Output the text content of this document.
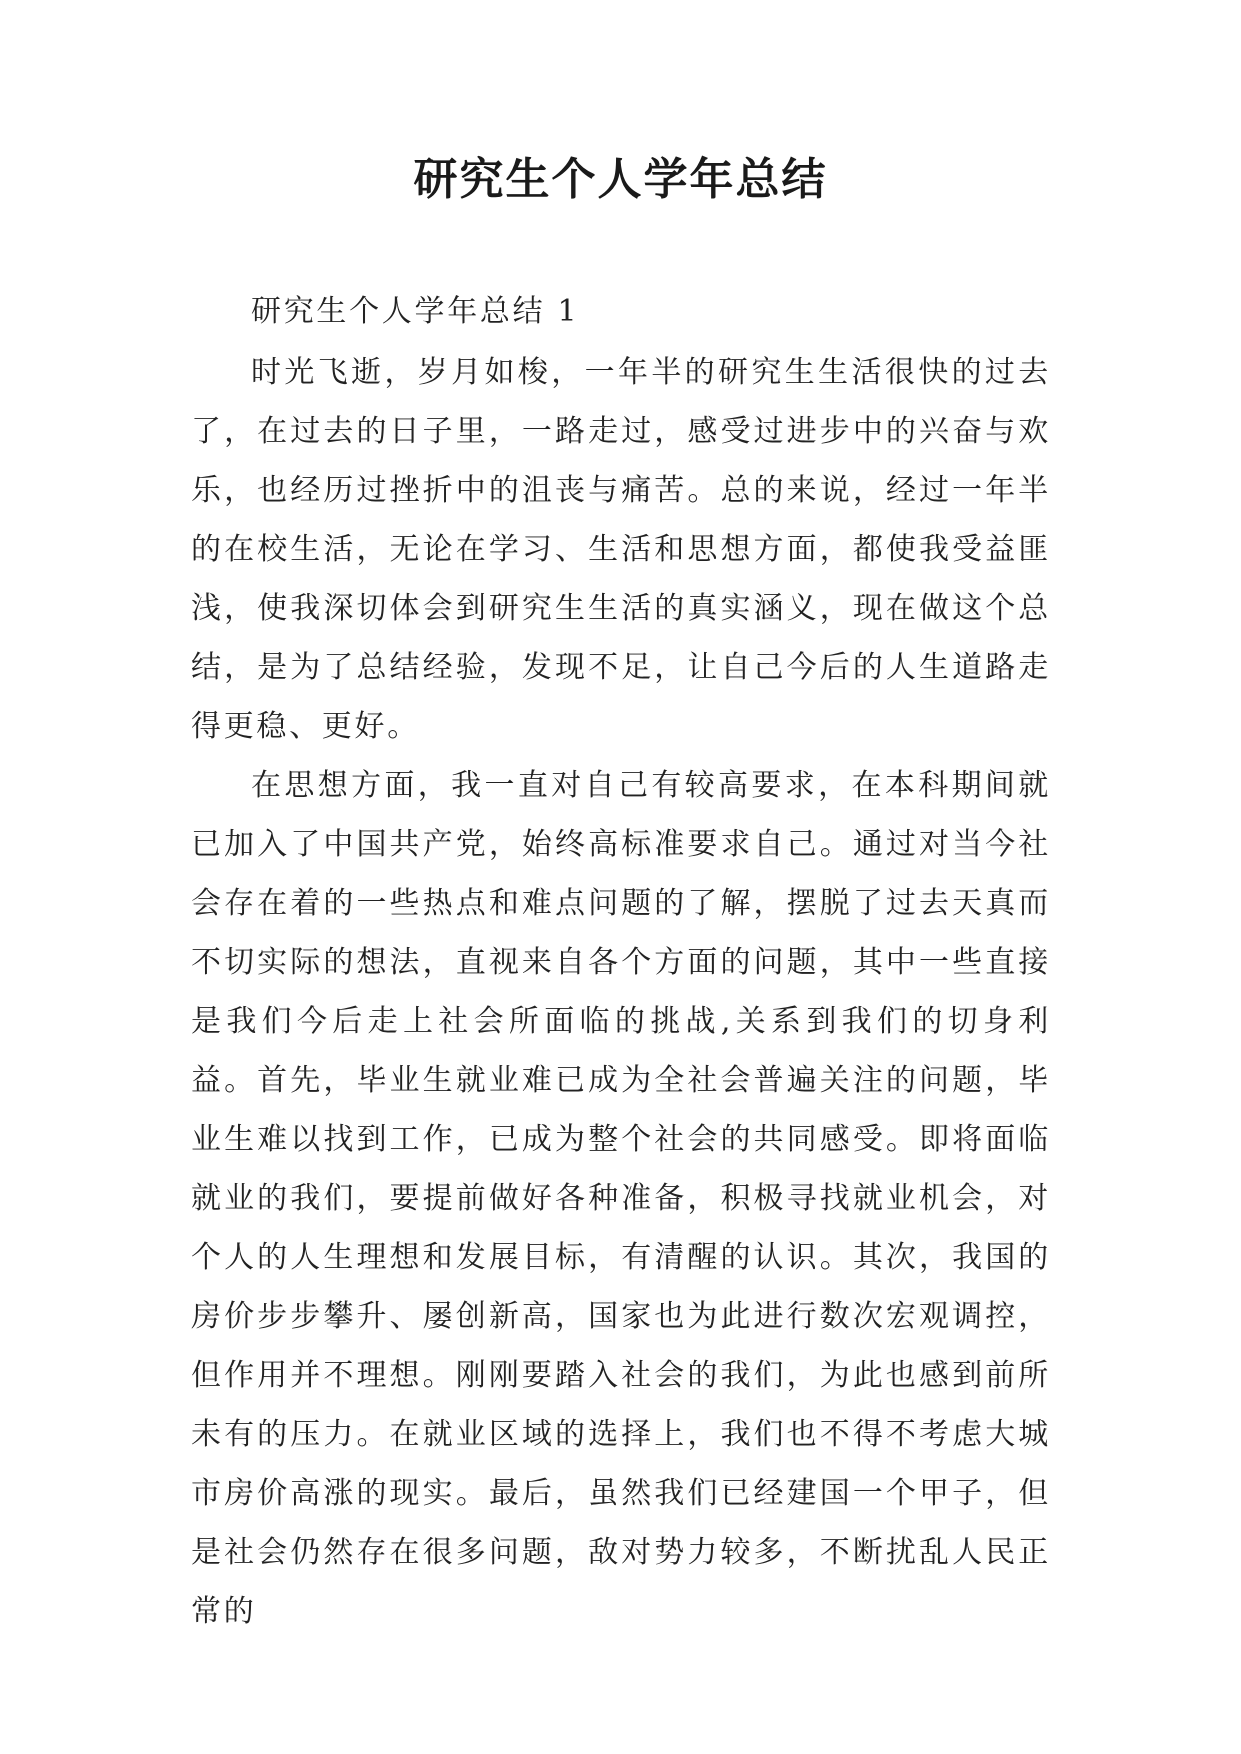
研究生个人学年总结

研究生个人学年总结 1

时光飞逝，岁月如梭，一年半的研究生生活很快的过去了，在过去的日子里，一路走过，感受过进步中的兴奋与欢乐，也经历过挫折中的沮丧与痛苦。总的来说，经过一年半的在校生活，无论在学习、生活和思想方面，都使我受益匪浅，使我深切体会到研究生生活的真实涵义，现在做这个总结，是为了总结经验，发现不足，让自己今后的人生道路走得更稳、更好。

在思想方面，我一直对自己有较高要求，在本科期间就已加入了中国共产党，始终高标准要求自己。通过对当今社会存在着的一些热点和难点问题的了解，摆脱了过去天真而不切实际的想法，直视来自各个方面的问题，其中一些直接是我们今后走上社会所面临的挑战,关系到我们的切身利益。首先，毕业生就业难已成为全社会普遍关注的问题，毕业生难以找到工作，已成为整个社会的共同感受。即将面临就业的我们，要提前做好各种准备，积极寻找就业机会，对个人的人生理想和发展目标，有清醒的认识。其次，我国的房价步步攀升、屡创新高，国家也为此进行数次宏观调控，但作用并不理想。刚刚要踏入社会的我们，为此也感到前所未有的压力。在就业区域的选择上，我们也不得不考虑大城市房价高涨的现实。最后，虽然我们已经建国一个甲子，但是社会仍然存在很多问题，敌对势力较多，不断扰乱人民正常的
